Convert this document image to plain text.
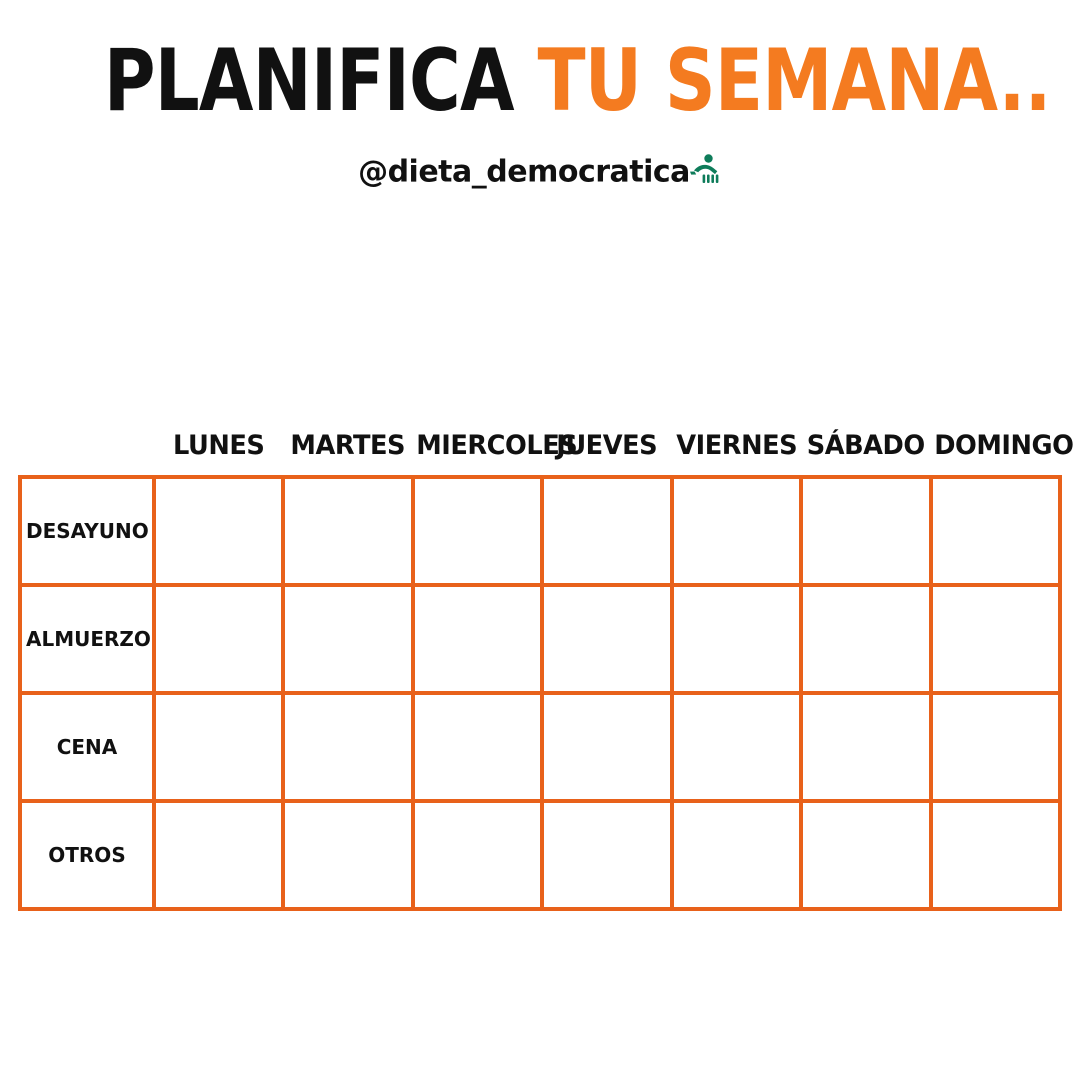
PLANIFICA TU SEMANA..
@dieta_democratica
	LUNES	MARTES	MIERCOLES	JUEVES	VIERNES	SÁBADO	DOMINGO
DESAYUNO							
ALMUERZO							
CENA							
OTROS							
